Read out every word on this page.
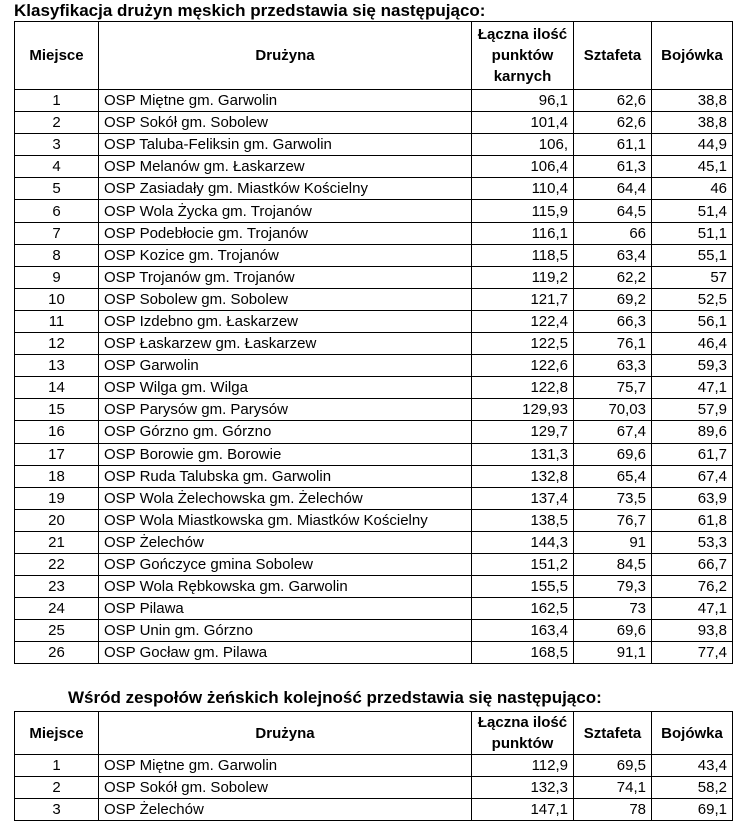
Klasyfikacja drużyn męskich przedstawia się następująco:
Miejsce	Drużyna	Łączna ilość punktów karnych	Sztafeta	Bojówka
1	OSP Miętne gm. Garwolin	96,1	62,6	38,8
2	OSP Sokół gm. Sobolew	101,4	62,6	38,8
3	OSP Taluba-Feliksin gm. Garwolin	106,	61,1	44,9
4	OSP Melanów gm. Łaskarzew	106,4	61,3	45,1
5	OSP Zasiadały gm. Miastków Kościelny	110,4	64,4	46
6	OSP Wola Życka gm. Trojanów	115,9	64,5	51,4
7	OSP Podebłocie gm. Trojanów	116,1	66	51,1
8	OSP Kozice gm. Trojanów	118,5	63,4	55,1
9	OSP Trojanów gm. Trojanów	119,2	62,2	57
10	OSP Sobolew gm. Sobolew	121,7	69,2	52,5
11	OSP Izdebno gm. Łaskarzew	122,4	66,3	56,1
12	OSP Łaskarzew gm. Łaskarzew	122,5	76,1	46,4
13	OSP Garwolin	122,6	63,3	59,3
14	OSP Wilga gm. Wilga	122,8	75,7	47,1
15	OSP Parysów gm. Parysów	129,93	70,03	57,9
16	OSP Górzno gm. Górzno	129,7	67,4	89,6
17	OSP Borowie gm. Borowie	131,3	69,6	61,7
18	OSP Ruda Talubska gm. Garwolin	132,8	65,4	67,4
19	OSP Wola Żelechowska gm. Żelechów	137,4	73,5	63,9
20	OSP Wola Miastkowska gm. Miastków Kościelny	138,5	76,7	61,8
21	OSP Żelechów	144,3	91	53,3
22	OSP Gończyce gmina Sobolew	151,2	84,5	66,7
23	OSP Wola Rębkowska gm. Garwolin	155,5	79,3	76,2
24	OSP Pilawa	162,5	73	47,1
25	OSP Unin gm. Górzno	163,4	69,6	93,8
26	OSP Gocław gm. Pilawa	168,5	91,1	77,4
Wśród zespołów żeńskich kolejność przedstawia się następująco:
Miejsce	Drużyna	Łączna ilość punktów	Sztafeta	Bojówka
1	OSP Miętne gm. Garwolin	112,9	69,5	43,4
2	OSP Sokół gm. Sobolew	132,3	74,1	58,2
3	OSP Żelechów	147,1	78	69,1
